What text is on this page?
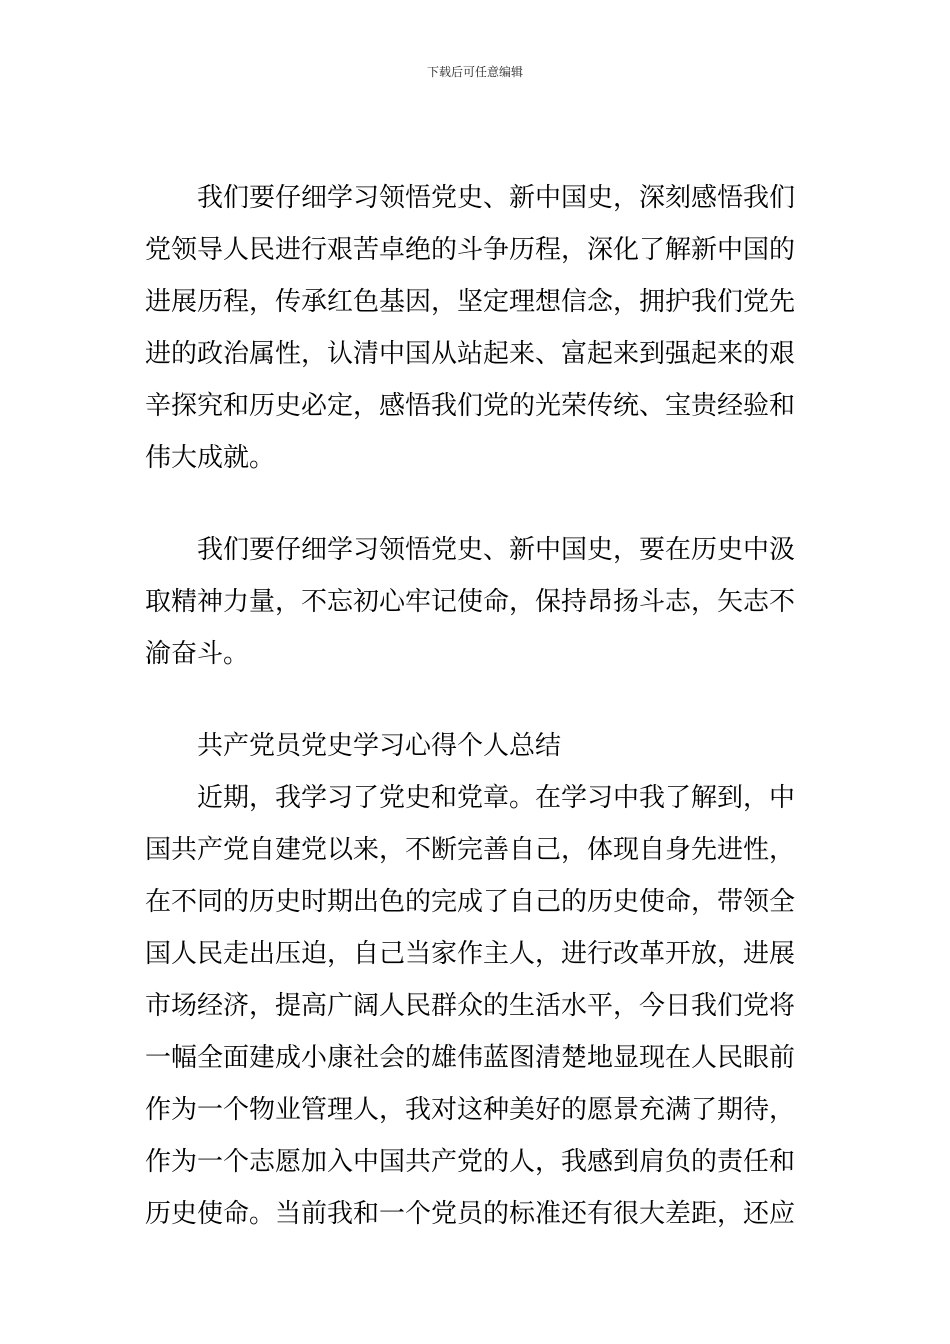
下载后可任意编辑
我们要仔细学习领悟党史、新中国史，深刻感悟我们
党领导人民进行艰苦卓绝的斗争历程，深化了解新中国的
进展历程，传承红色基因，坚定理想信念，拥护我们党先
进的政治属性，认清中国从站起来、富起来到强起来的艰
辛探究和历史必定，感悟我们党的光荣传统、宝贵经验和
伟大成就。
我们要仔细学习领悟党史、新中国史，要在历史中汲
取精神力量，不忘初心牢记使命，保持昂扬斗志，矢志不
渝奋斗。
共产党员党史学习心得个人总结
近期，我学习了党史和党章。在学习中我了解到，中
国共产党自建党以来，不断完善自己，体现自身先进性，
在不同的历史时期出色的完成了自己的历史使命，带领全
国人民走出压迫，自己当家作主人，进行改革开放，进展
市场经济，提高广阔人民群众的生活水平，今日我们党将
一幅全面建成小康社会的雄伟蓝图清楚地显现在人民眼前
作为一个物业管理人，我对这种美好的愿景充满了期待，
作为一个志愿加入中国共产党的人，我感到肩负的责任和
历史使命。当前我和一个党员的标准还有很大差距，还应
